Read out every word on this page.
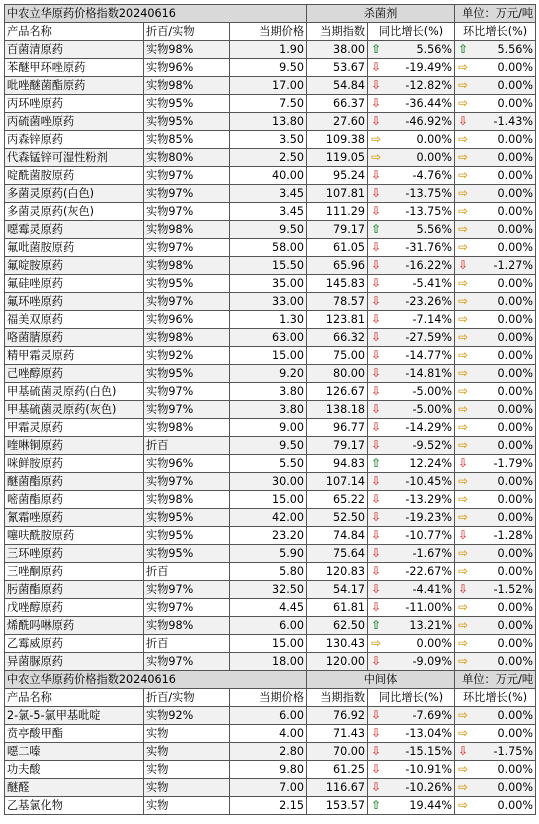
中农立华原药价格指数20240616			杀菌剂		单位：万元/吨
产品名称	折百/实物	当期价格	当期指数	同比增长(%)	环比增长(%)
百菌清原药	实物98%	1.90	38.00	⇧ 5.56%	⇧ 5.56%

苯醚甲环唑原药	实物96%	9.50	53.67	⇩ -19.49%	⇨ 0.00%

吡唑醚菌酯原药	实物98%	17.00	54.84	⇩ -12.82%	⇨ 0.00%

丙环唑原药	实物95%	7.50	66.37	⇩ -36.44%	⇨ 0.00%

丙硫菌唑原药	实物95%	13.80	27.60	⇩ -46.92%	⇩ -1.43%

丙森锌原药	实物85%	3.50	109.38	⇨ 0.00%	⇨ 0.00%

代森锰锌可湿性粉剂	实物80%	2.50	119.05	⇨ 0.00%	⇨ 0.00%

啶酰菌胺原药	实物97%	40.00	95.24	⇩ -4.76%	⇨ 0.00%

多菌灵原药(白色)	实物97%	3.45	107.81	⇩ -13.75%	⇨ 0.00%

多菌灵原药(灰色)	实物97%	3.45	111.29	⇩ -13.75%	⇨ 0.00%

噁霉灵原药	实物98%	9.50	79.17	⇧ 5.56%	⇨ 0.00%

氟吡菌胺原药	实物97%	58.00	61.05	⇩ -31.76%	⇨ 0.00%

氟啶胺原药	实物98%	15.50	65.96	⇩ -16.22%	⇩ -1.27%

氟硅唑原药	实物95%	35.00	145.83	⇩ -5.41%	⇨ 0.00%

氟环唑原药	实物97%	33.00	78.57	⇩ -23.26%	⇨ 0.00%

福美双原药	实物96%	1.30	123.81	⇩ -7.14%	⇨ 0.00%

咯菌腈原药	实物98%	63.00	66.32	⇩ -27.59%	⇨ 0.00%

精甲霜灵原药	实物92%	15.00	75.00	⇩ -14.77%	⇨ 0.00%

己唑醇原药	实物95%	9.20	80.00	⇩ -14.81%	⇨ 0.00%

甲基硫菌灵原药(白色)	实物97%	3.80	126.67	⇩ -5.00%	⇨ 0.00%

甲基硫菌灵原药(灰色)	实物97%	3.80	138.18	⇩ -5.00%	⇨ 0.00%

甲霜灵原药	实物98%	9.00	96.77	⇩ -14.29%	⇨ 0.00%

喹啉铜原药	折百	9.50	79.17	⇩ -9.52%	⇨ 0.00%

咪鲜胺原药	实物96%	5.50	94.83	⇧ 12.24%	⇩ -1.79%

醚菌酯原药	实物97%	30.00	107.14	⇩ -10.45%	⇨ 0.00%

嘧菌酯原药	实物98%	15.00	65.22	⇩ -13.29%	⇨ 0.00%

氰霜唑原药	实物95%	42.00	52.50	⇩ -19.23%	⇨ 0.00%

噻呋酰胺原药	实物95%	23.20	74.84	⇩ -10.77%	⇩ -1.28%

三环唑原药	实物95%	5.90	75.64	⇩ -1.67%	⇨ 0.00%

三唑酮原药	折百	5.80	120.83	⇩ -22.67%	⇨ 0.00%

肟菌酯原药	实物97%	32.50	54.17	⇩ -4.41%	⇩ -1.52%

戊唑醇原药	实物97%	4.45	61.81	⇩ -11.00%	⇨ 0.00%

烯酰吗啉原药	实物98%	6.00	62.50	⇧ 13.21%	⇨ 0.00%

乙霉威原药	折百	15.00	130.43	⇨ 0.00%	⇨ 0.00%

异菌脲原药	实物97%	18.00	120.00	⇩ -9.09%	⇨ 0.00%

中农立华原药价格指数20240616			中间体		单位：万元/吨
产品名称	折百/实物	当期价格	当期指数	同比增长(%)	环比增长(%)
2-氯-5-氯甲基吡啶	实物92%	6.00	76.92	⇩ -7.69%	⇨ 0.00%

贲亭酸甲酯	实物	4.00	71.43	⇩ -13.04%	⇨ 0.00%

噁二嗪	实物	2.80	70.00	⇩ -15.15%	⇩ -1.75%

功夫酸	实物	9.80	61.25	⇩ -10.91%	⇨ 0.00%

醚醛	实物	7.00	116.67	⇩ -10.26%	⇨ 0.00%

乙基氯化物	实物	2.15	153.57	⇧ 19.44%	⇨ 0.00%
